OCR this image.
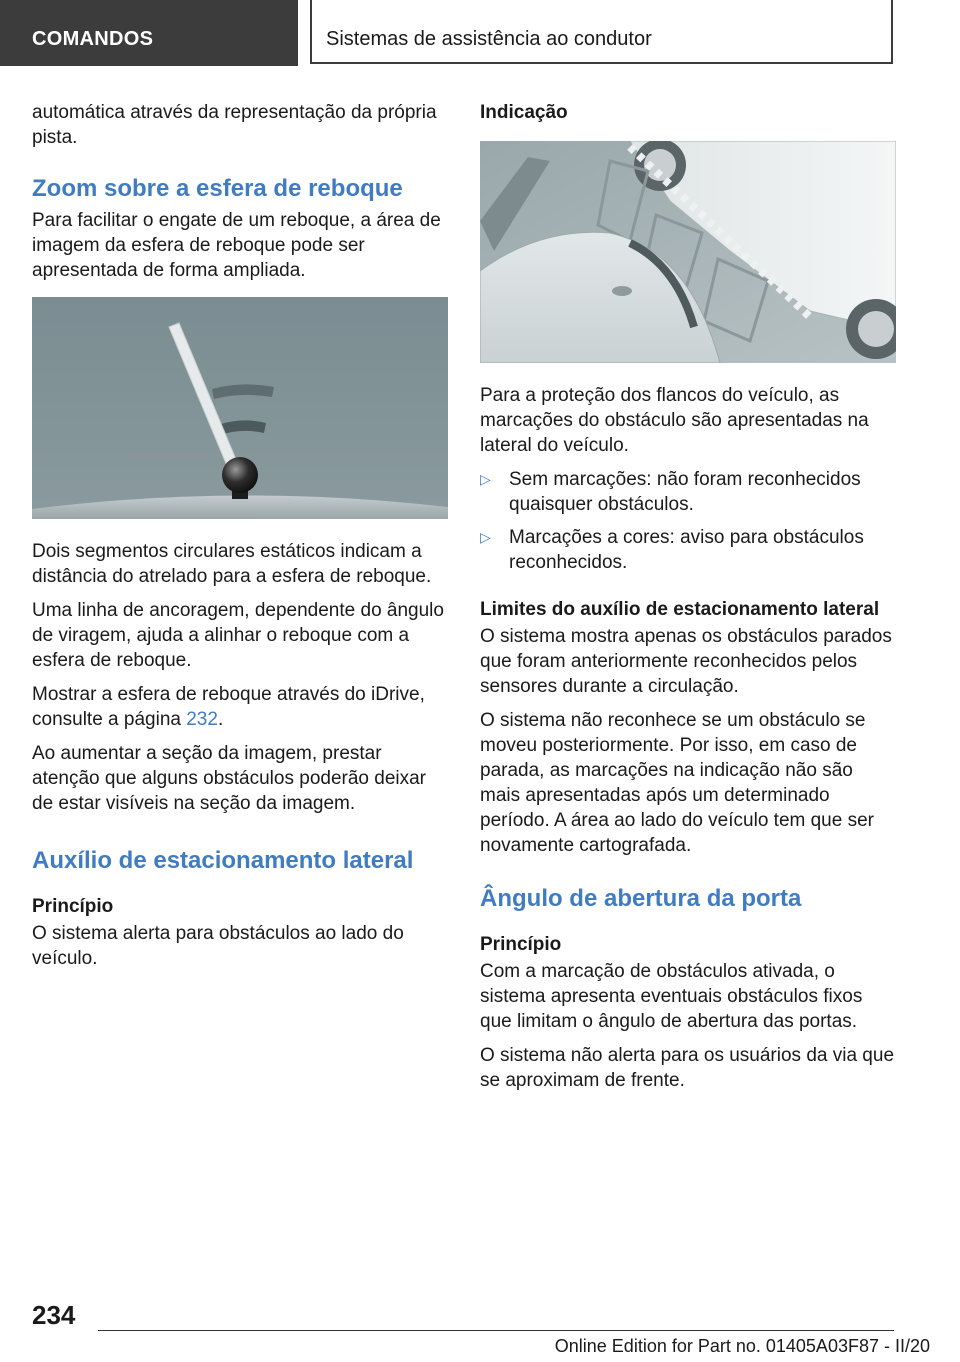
COMANDOS	Sistemas de assistência ao condutor

automática através da representação da própria pista.

Zoom sobre a esfera de reboque

Para facilitar o engate de um reboque, a área de imagem da esfera de reboque pode ser apresentada de forma ampliada.

Dois segmentos circulares estáticos indicam a distância do atrelado para a esfera de reboque.

Uma linha de ancoragem, dependente do ângulo de viragem, ajuda a alinhar o reboque com a esfera de reboque.

Mostrar a esfera de reboque através do iDrive, consulte a página 232.

Ao aumentar a seção da imagem, prestar atenção que alguns obstáculos poderão deixar de estar visíveis na seção da imagem.

Auxílio de estacionamento lateral
Princípio

O sistema alerta para obstáculos ao lado do veículo.

Indicação

Para a proteção dos flancos do veículo, as marcações do obstáculo são apresentadas na lateral do veículo.

▷ Sem marcações: não foram reconhecidos quaisquer obstáculos.
▷ Marcações a cores: aviso para obstáculos reconhecidos.
Limites do auxílio de estacionamento lateral

O sistema mostra apenas os obstáculos parados que foram anteriormente reconhecidos pelos sensores durante a circulação.

O sistema não reconhece se um obstáculo se moveu posteriormente. Por isso, em caso de parada, as marcações na indicação não são mais apresentadas após um determinado período. A área ao lado do veículo tem que ser novamente cartografada.

Ângulo de abertura da porta
Princípio

Com a marcação de obstáculos ativada, o sistema apresenta eventuais obstáculos fixos que limitam o ângulo de abertura das portas.

O sistema não alerta para os usuários da via que se aproximam de frente.

234
Online Edition for Part no. 01405A03F87 - II/20
